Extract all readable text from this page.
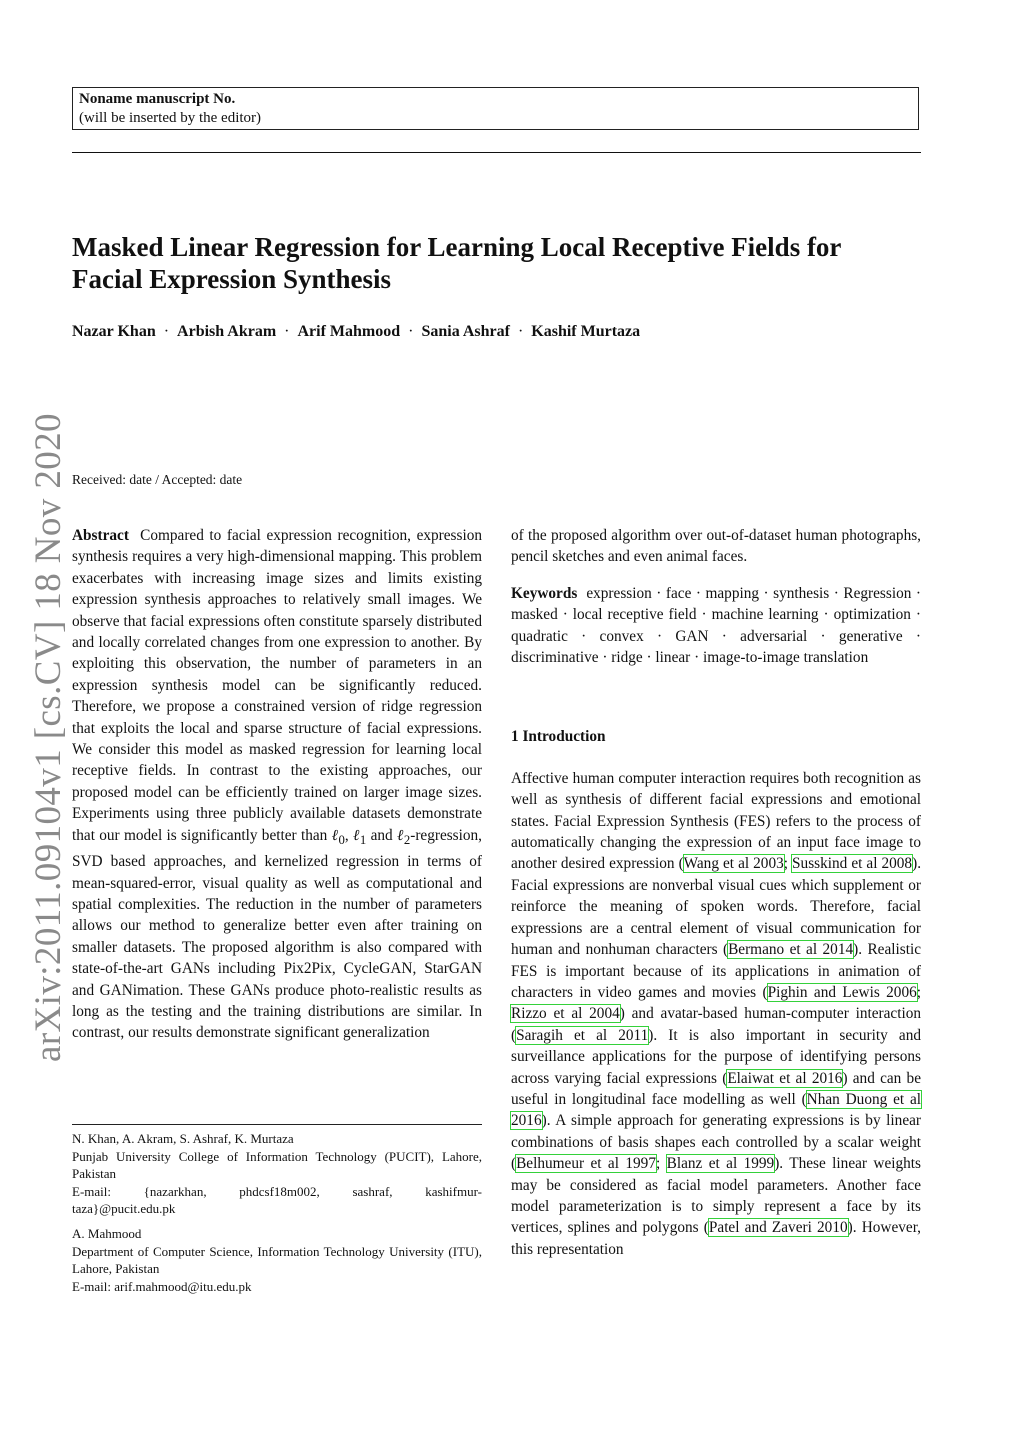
Noname manuscript No.
(will be inserted by the editor)
Masked Linear Regression for Learning Local Receptive Fields for
Facial Expression Synthesis
Nazar Khan · Arbish Akram · Arif Mahmood · Sania Ashraf · Kashif Murtaza
arXiv:2011.09104v1 [cs.CV] 18 Nov 2020 Received: date / Accepted: date

Abstract Compared to facial expression recognition, expression synthesis requires a very high-dimensional mapping. This problem exacerbates with increasing image sizes and limits existing expression synthesis approaches to relatively small images. We observe that facial expressions often constitute sparsely distributed and locally correlated changes from one expression to another. By exploiting this observation, the number of parameters in an expression synthesis model can be significantly reduced. Therefore, we propose a constrained version of ridge regression that exploits the local and sparse structure of facial expressions. We consider this model as masked regression for learning local receptive fields. In contrast to the existing approaches, our proposed model can be efficiently trained on larger image sizes. Experiments using three publicly available datasets demonstrate that our model is significantly better than ℓ$_0$, ℓ$_1$ and ℓ$_2$-regression, SVD based approaches, and kernelized regression in terms of mean-squared-error, visual quality as well as computational and spatial complexities. The reduction in the number of parameters allows our method to generalize better even after training on smaller datasets. The proposed algorithm is also compared with state-of-the-art GANs including Pix2Pix, CycleGAN, StarGAN and GANimation. These GANs produce photo-realistic results as long as the testing and the training distributions are similar. In contrast, our results demonstrate significant generalization

of the proposed algorithm over out-of-dataset human photographs, pencil sketches and even animal faces.

Keywords expression · face · mapping · synthesis · Regression · masked · local receptive field · machine learning · optimization · quadratic · convex · GAN · adversarial · generative · discriminative · ridge · linear · image-to-image translation

1 Introduction

Affective human computer interaction requires both recognition as well as synthesis of different facial expressions and emotional states. Facial Expression Synthesis (FES) refers to the process of automatically changing the expression of an input face image to another desired expression (Wang et al 2003; Susskind et al 2008). Facial expressions are nonverbal visual cues which supplement or reinforce the meaning of spoken words. Therefore, facial expressions are a central element of visual communication for human and nonhuman characters (Bermano et al 2014). Realistic FES is important because of its applications in animation of characters in video games and movies (Pighin and Lewis 2006; Rizzo et al 2004) and avatar-based human-computer interaction (Saragih et al 2011). It is also important in security and surveillance applications for the purpose of identifying persons across varying facial expressions (Elaiwat et al 2016) and can be useful in longitudinal face modelling as well (Nhan Duong et al 2016). A simple approach for generating expressions is by linear combinations of basis shapes each controlled by a scalar weight (Belhumeur et al 1997; Blanz et al 1999). These linear weights may be considered as facial model parameters. Another face model parameterization is to simply represent a face by its vertices, splines and polygons (Patel and Zaveri 2010). However, this representation

N. Khan, A. Akram, S. Ashraf, K. Murtaza

Punjab University College of Information Technology (PUCIT), Lahore, Pakistan

E-mail:	{nazarkhan,	phdcsf18m002,	sashraf,	kashifmur-

taza}@pucit.edu.pk

A. Mahmood

Department of Computer Science, Information Technology University (ITU), Lahore, Pakistan

E-mail: arif.mahmood@itu.edu.pk
